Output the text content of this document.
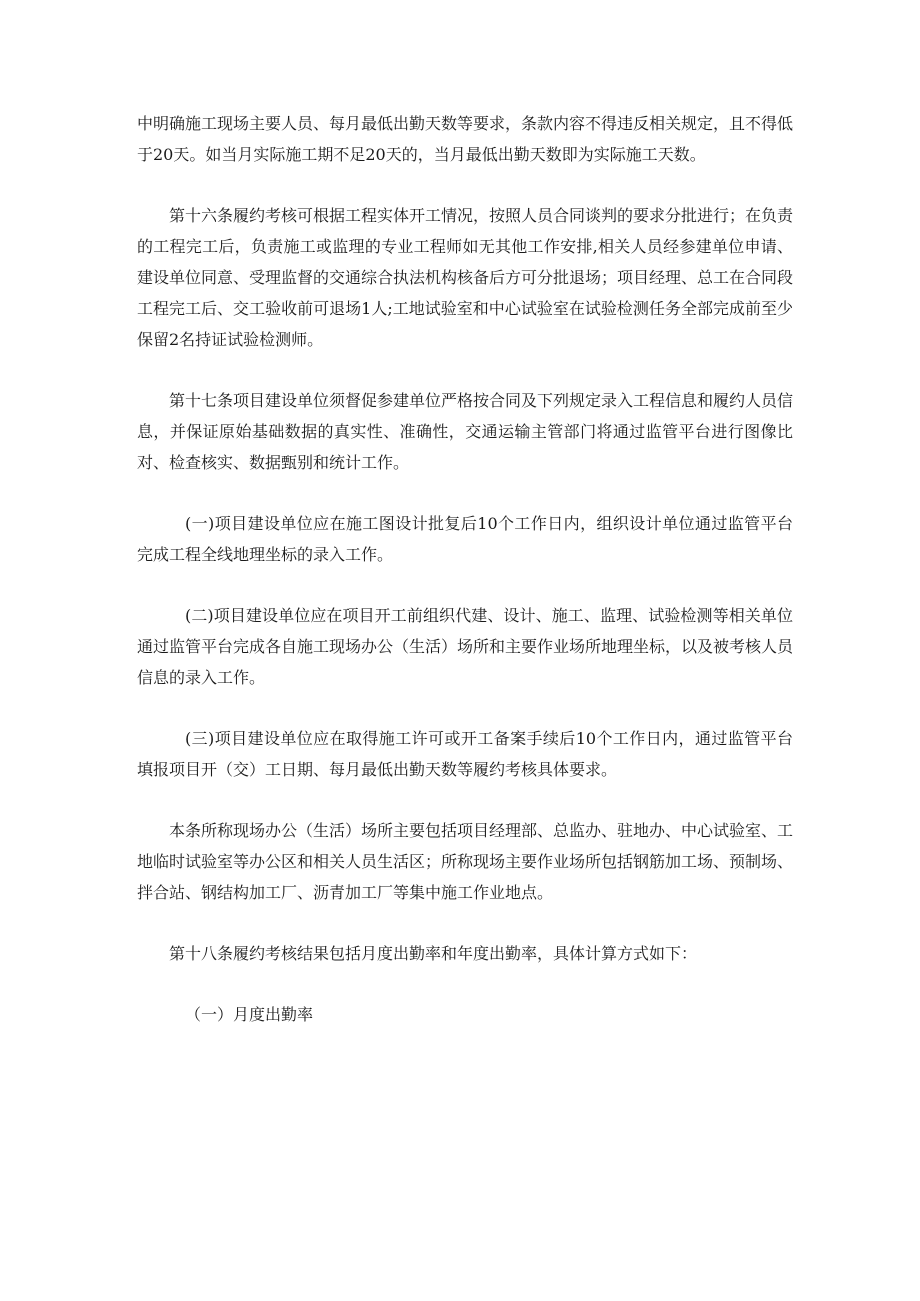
中明确施工现场主要人员、每月最低出勤天数等要求，条款内容不得违反相关规定，且不得低于20天。如当月实际施工期不足20天的，当月最低出勤天数即为实际施工天数。

第十六条履约考核可根据工程实体开工情况，按照人员合同谈判的要求分批进行；在负责的工程完工后，负责施工或监理的专业工程师如无其他工作安排,相关人员经参建单位申请、建设单位同意、受理监督的交通综合执法机构核备后方可分批退场；项目经理、总工在合同段工程完工后、交工验收前可退场1人;工地试验室和中心试验室在试验检测任务全部完成前至少保留2名持证试验检测师。

第十七条项目建设单位须督促参建单位严格按合同及下列规定录入工程信息和履约人员信息，并保证原始基础数据的真实性、准确性，交通运输主管部门将通过监管平台进行图像比对、检查核实、数据甄别和统计工作。

(一)项目建设单位应在施工图设计批复后10个工作日内，组织设计单位通过监管平台完成工程全线地理坐标的录入工作。

(二)项目建设单位应在项目开工前组织代建、设计、施工、监理、试验检测等相关单位通过监管平台完成各自施工现场办公（生活）场所和主要作业场所地理坐标，以及被考核人员信息的录入工作。

(三)项目建设单位应在取得施工许可或开工备案手续后10个工作日内，通过监管平台填报项目开（交）工日期、每月最低出勤天数等履约考核具体要求。

本条所称现场办公（生活）场所主要包括项目经理部、总监办、驻地办、中心试验室、工地临时试验室等办公区和相关人员生活区；所称现场主要作业场所包括钢筋加工场、预制场、拌合站、钢结构加工厂、沥青加工厂等集中施工作业地点。

第十八条履约考核结果包括月度出勤率和年度出勤率，具体计算方式如下：

（一）月度出勤率
